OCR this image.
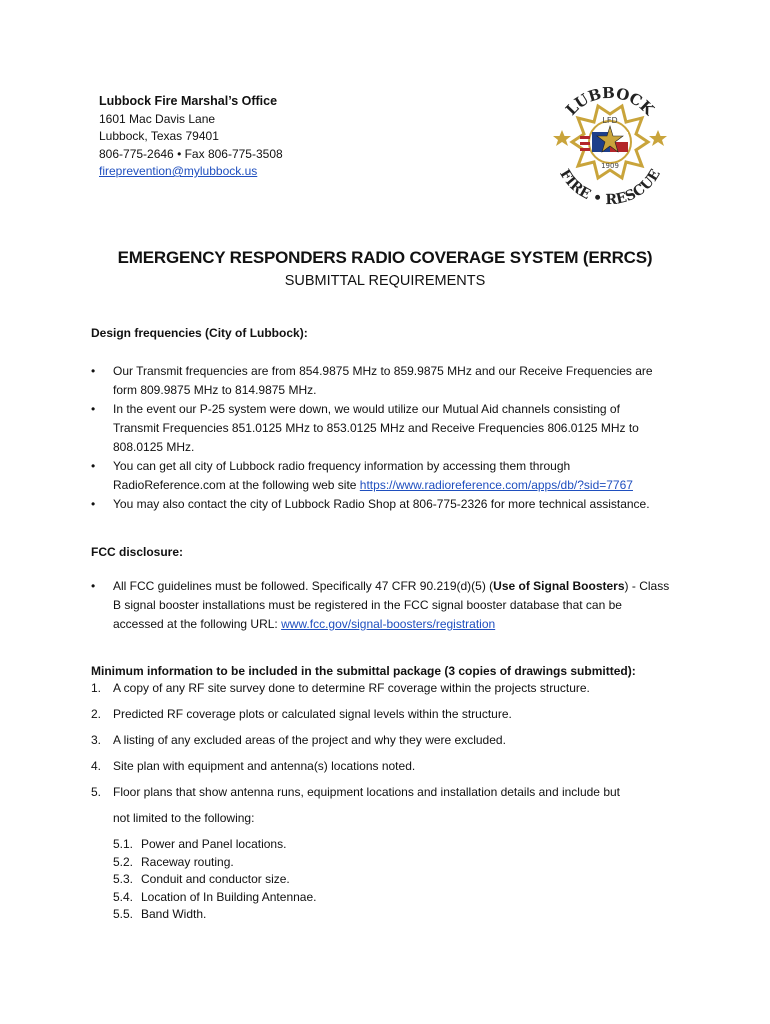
Lubbock Fire Marshal’s Office
1601 Mac Davis Lane
Lubbock, Texas 79401
806-775-2646 • Fax 806-775-3508
fireprevention@mylubbock.us
LUBBOCK
FIRE • RESCUE
LFD
1909
EMERGENCY RESPONDERS RADIO COVERAGE SYSTEM (ERRCS)
SUBMITTAL REQUIREMENTS
Design frequencies (City of Lubbock):
• Our Transmit frequencies are from 854.9875 MHz to 859.9875 MHz and our Receive Frequencies are
form 809.9875 MHz to 814.9875 MHz.
• In the event our P-25 system were down, we would utilize our Mutual Aid channels consisting of
Transmit Frequencies 851.0125 MHz to 853.0125 MHz and Receive Frequencies 806.0125 MHz to
808.0125 MHz.
• You can get all city of Lubbock radio frequency information by accessing them through
RadioReference.com at the following web site https://www.radioreference.com/apps/db/?sid=7767
• You may also contact the city of Lubbock Radio Shop at 806-775-2326 for more technical assistance.
FCC disclosure:
• All FCC guidelines must be followed. Specifically 47 CFR 90.219(d)(5) (Use of Signal Boosters) - Class
B signal booster installations must be registered in the FCC signal booster database that can be
accessed at the following URL: www.fcc.gov/signal-boosters/registration
Minimum information to be included in the submittal package (3 copies of drawings submitted):
1. A copy of any RF site survey done to determine RF coverage within the projects structure.
2. Predicted RF coverage plots or calculated signal levels within the structure.
3. A listing of any excluded areas of the project and why they were excluded.
4. Site plan with equipment and antenna(s) locations noted.
5. Floor plans that show antenna runs, equipment locations and installation details and include but
not limited to the following:
5.1. Power and Panel locations.
5.2. Raceway routing.
5.3. Conduit and conductor size.
5.4. Location of In Building Antennae.
5.5. Band Width.
